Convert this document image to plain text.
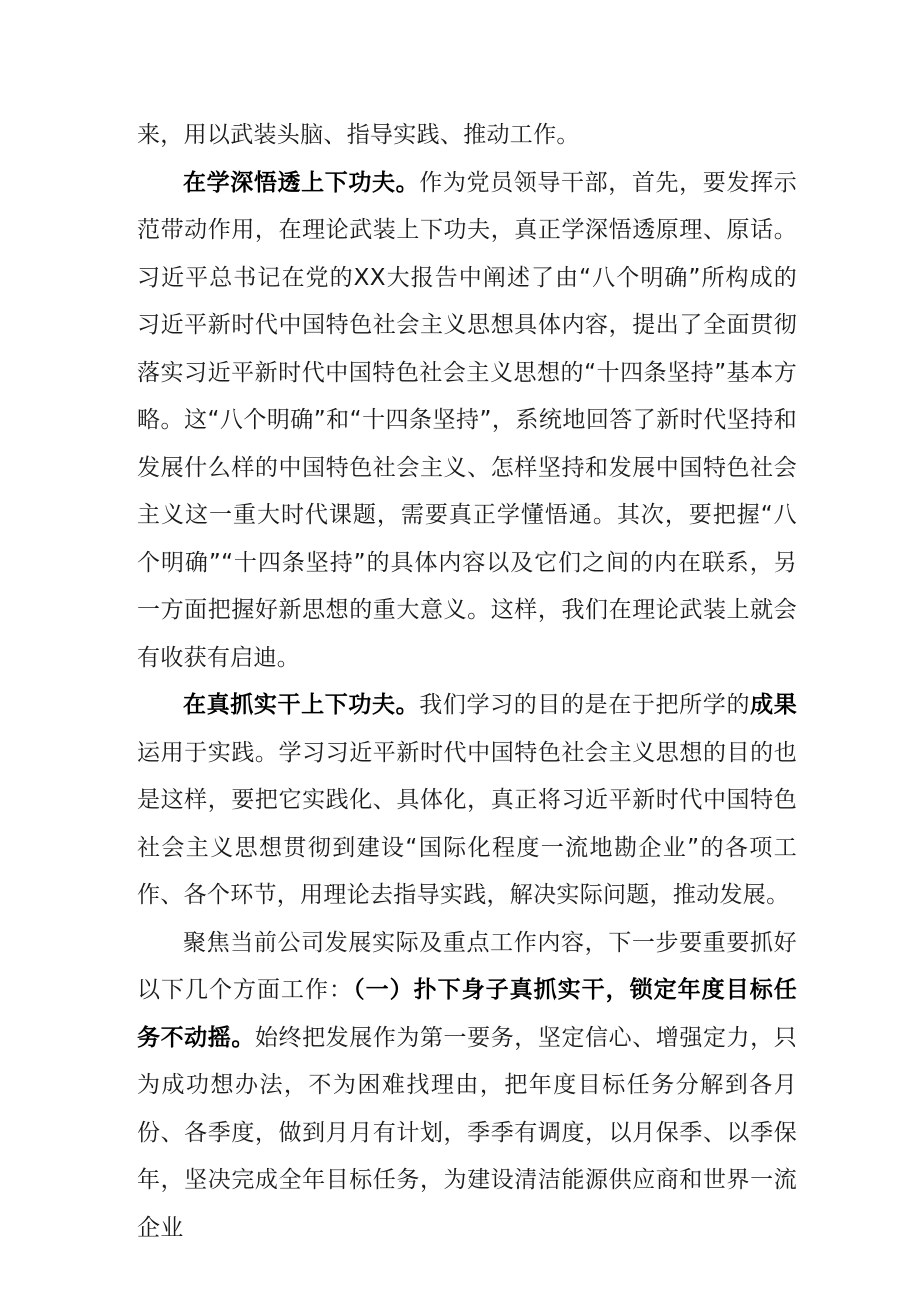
来，用以武装头脑、指导实践、推动工作。

在学深悟透上下功夫。作为党员领导干部，首先，要发挥示范带动作用，在理论武装上下功夫，真正学深悟透原理、原话。习近平总书记在党的XX大报告中阐述了由“八个明确”所构成的习近平新时代中国特色社会主义思想具体内容，提出了全面贯彻落实习近平新时代中国特色社会主义思想的“十四条坚持”基本方略。这“八个明确”和“十四条坚持”，系统地回答了新时代坚持和发展什么样的中国特色社会主义、怎样坚持和发展中国特色社会主义这一重大时代课题，需要真正学懂悟通。其次，要把握“八个明确”“十四条坚持”的具体内容以及它们之间的内在联系，另一方面把握好新思想的重大意义。这样，我们在理论武装上就会有收获有启迪。

在真抓实干上下功夫。我们学习的目的是在于把所学的成果运用于实践。学习习近平新时代中国特色社会主义思想的目的也是这样，要把它实践化、具体化，真正将习近平新时代中国特色社会主义思想贯彻到建设“国际化程度一流地勘企业”的各项工作、各个环节，用理论去指导实践，解决实际问题，推动发展。

聚焦当前公司发展实际及重点工作内容，下一步要重要抓好以下几个方面工作：（一）扑下身子真抓实干，锁定年度目标任务不动摇。始终把发展作为第一要务，坚定信心、增强定力，只为成功想办法，不为困难找理由，把年度目标任务分解到各月份、各季度，做到月月有计划，季季有调度，以月保季、以季保年，坚决完成全年目标任务，为建设清洁能源供应商和世界一流企业
